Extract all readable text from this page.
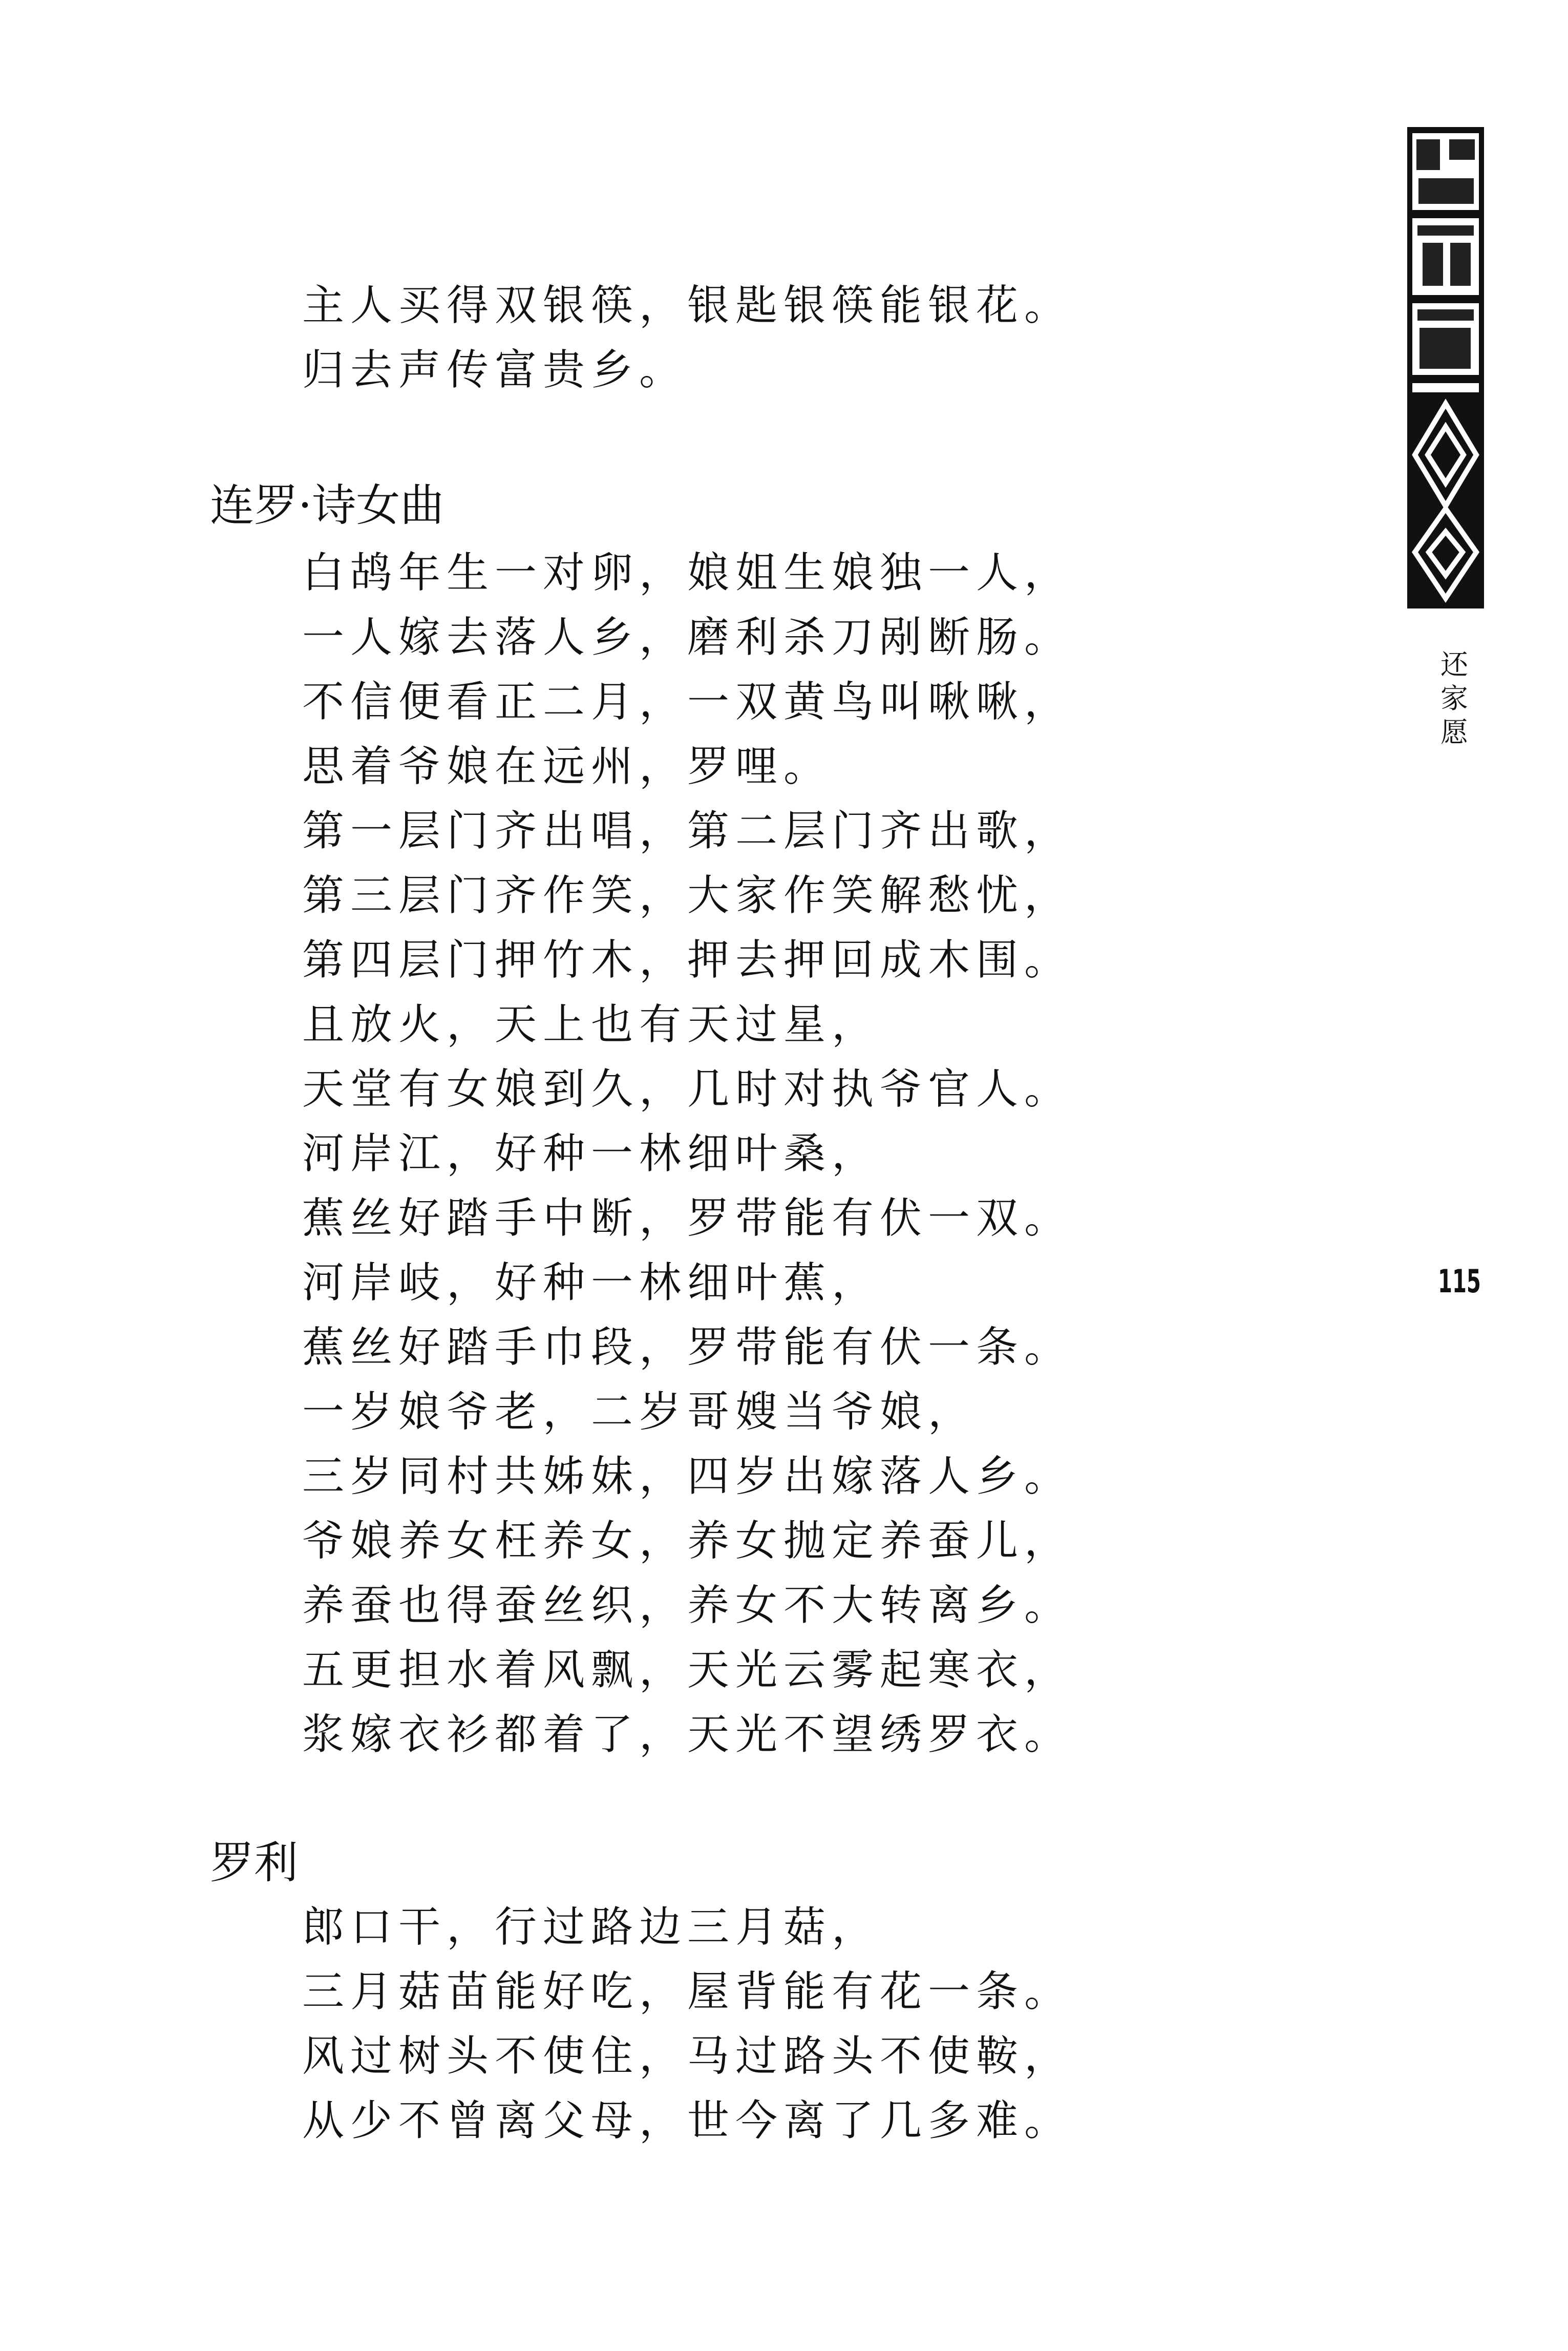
主人买得双银筷，银匙银筷能银花。
归去声传富贵乡。
连罗·诗女曲
白鸪年生一对卵，娘姐生娘独一人，
一人嫁去落人乡，磨利杀刀剐断肠。
不信便看正二月，一双黄鸟叫啾啾，
思着爷娘在远州，罗哩。
第一层门齐出唱，第二层门齐出歌，
第三层门齐作笑，大家作笑解愁忧，
第四层门押竹木，押去押回成木围。
且放火，天上也有天过星，
天堂有女娘到久，几时对执爷官人。
河岸江，好种一林细叶桑，
蕉丝好踏手中断，罗带能有伏一双。
河岸岐，好种一林细叶蕉，
蕉丝好踏手巾段，罗带能有伏一条。
一岁娘爷老，二岁哥嫂当爷娘，
三岁同村共姊妹，四岁出嫁落人乡。
爷娘养女枉养女，养女抛定养蚕儿，
养蚕也得蚕丝织，养女不大转离乡。
五更担水着风飘，天光云雾起寒衣，
浆嫁衣衫都着了，天光不望绣罗衣。
罗利
郎口干，行过路边三月菇，
三月菇苗能好吃，屋背能有花一条。
风过树头不使住，马过路头不使鞍，
从少不曾离父母，世今离了几多难。
还
家
愿
115
